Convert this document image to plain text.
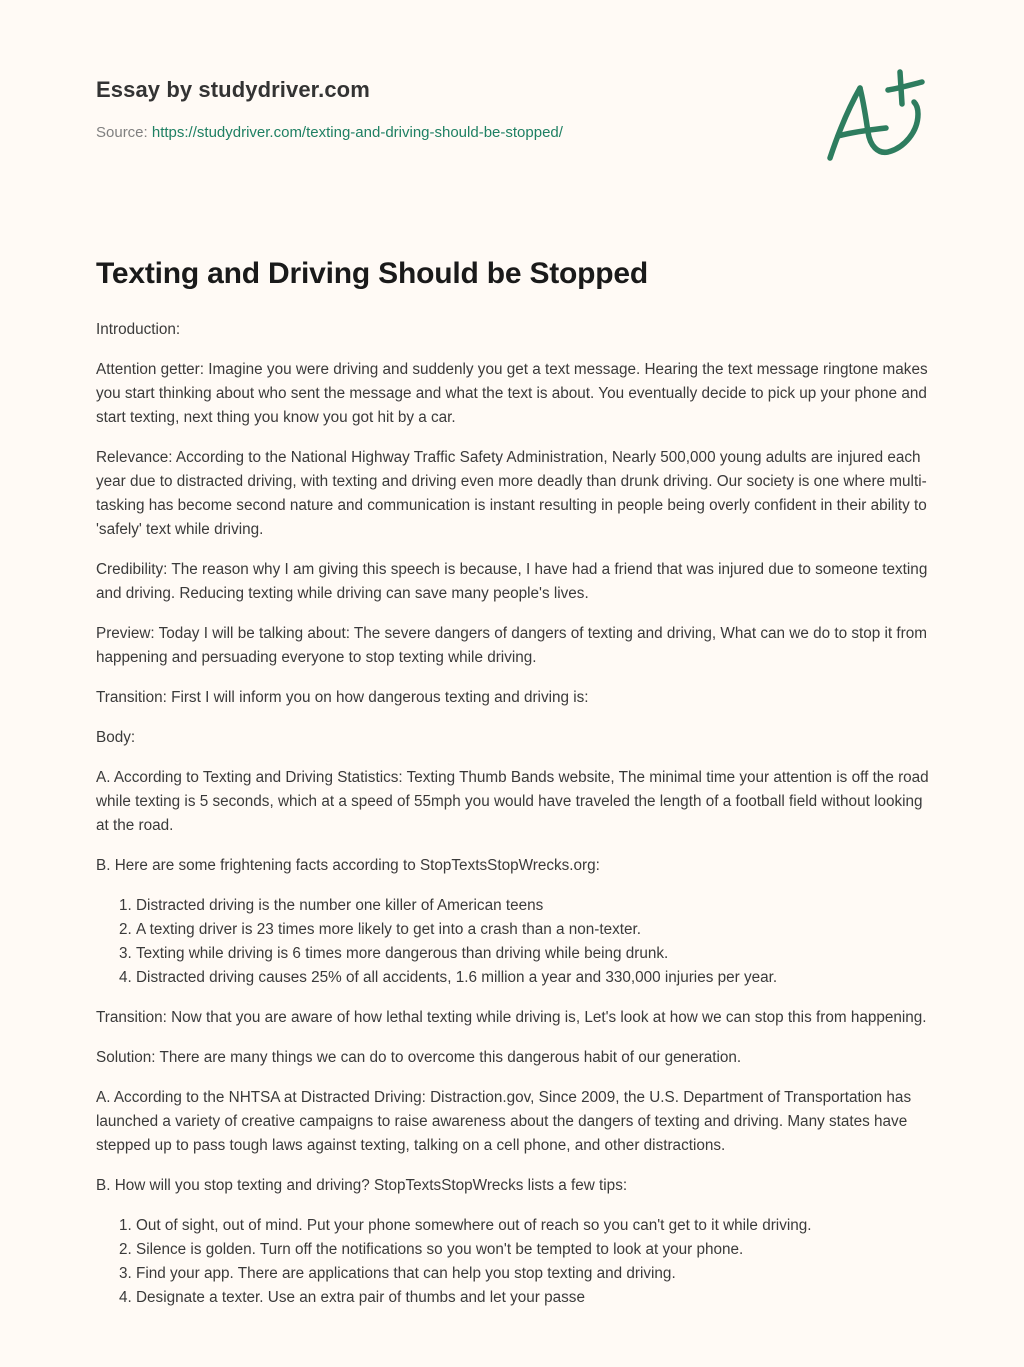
Essay by studydriver.com
Source: https://studydriver.com/texting-and-driving-should-be-stopped/
Texting and Driving Should be Stopped

Introduction:

Attention getter: Imagine you were driving and suddenly you get a text message. Hearing the text message ringtone makes you start thinking about who sent the message and what the text is about. You eventually decide to pick up your phone and start texting, next thing you know you got hit by a car.

Relevance: According to the National Highway Traffic Safety Administration, Nearly 500,000 young adults are injured each year due to distracted driving, with texting and driving even more deadly than drunk driving. Our society is one where multi-tasking has become second nature and communication is instant resulting in people being overly confident in their ability to 'safely' text while driving.

Credibility: The reason why I am giving this speech is because, I have had a friend that was injured due to someone texting and driving. Reducing texting while driving can save many people's lives.

Preview: Today I will be talking about: The severe dangers of dangers of texting and driving, What can we do to stop it from happening and persuading everyone to stop texting while driving.

Transition: First I will inform you on how dangerous texting and driving is:

Body:

A. According to Texting and Driving Statistics: Texting Thumb Bands website, The minimal time your attention is off the road while texting is 5 seconds, which at a speed of 55mph you would have traveled the length of a football field without looking at the road.

B. Here are some frightening facts according to StopTextsStopWrecks.org:

1. Distracted driving is the number one killer of American teens
2. A texting driver is 23 times more likely to get into a crash than a non-texter.
3. Texting while driving is 6 times more dangerous than driving while being drunk.
4. Distracted driving causes 25% of all accidents, 1.6 million a year and 330,000 injuries per year.

Transition: Now that you are aware of how lethal texting while driving is, Let's look at how we can stop this from happening.

Solution: There are many things we can do to overcome this dangerous habit of our generation.

A. According to the NHTSA at Distracted Driving: Distraction.gov, Since 2009, the U.S. Department of Transportation has launched a variety of creative campaigns to raise awareness about the dangers of texting and driving. Many states have stepped up to pass tough laws against texting, talking on a cell phone, and other distractions.

B. How will you stop texting and driving? StopTextsStopWrecks lists a few tips:

1. Out of sight, out of mind. Put your phone somewhere out of reach so you can't get to it while driving.
2. Silence is golden. Turn off the notifications so you won't be tempted to look at your phone.
3. Find your app. There are applications that can help you stop texting and driving.
4. Designate a texter. Use an extra pair of thumbs and let your passe
